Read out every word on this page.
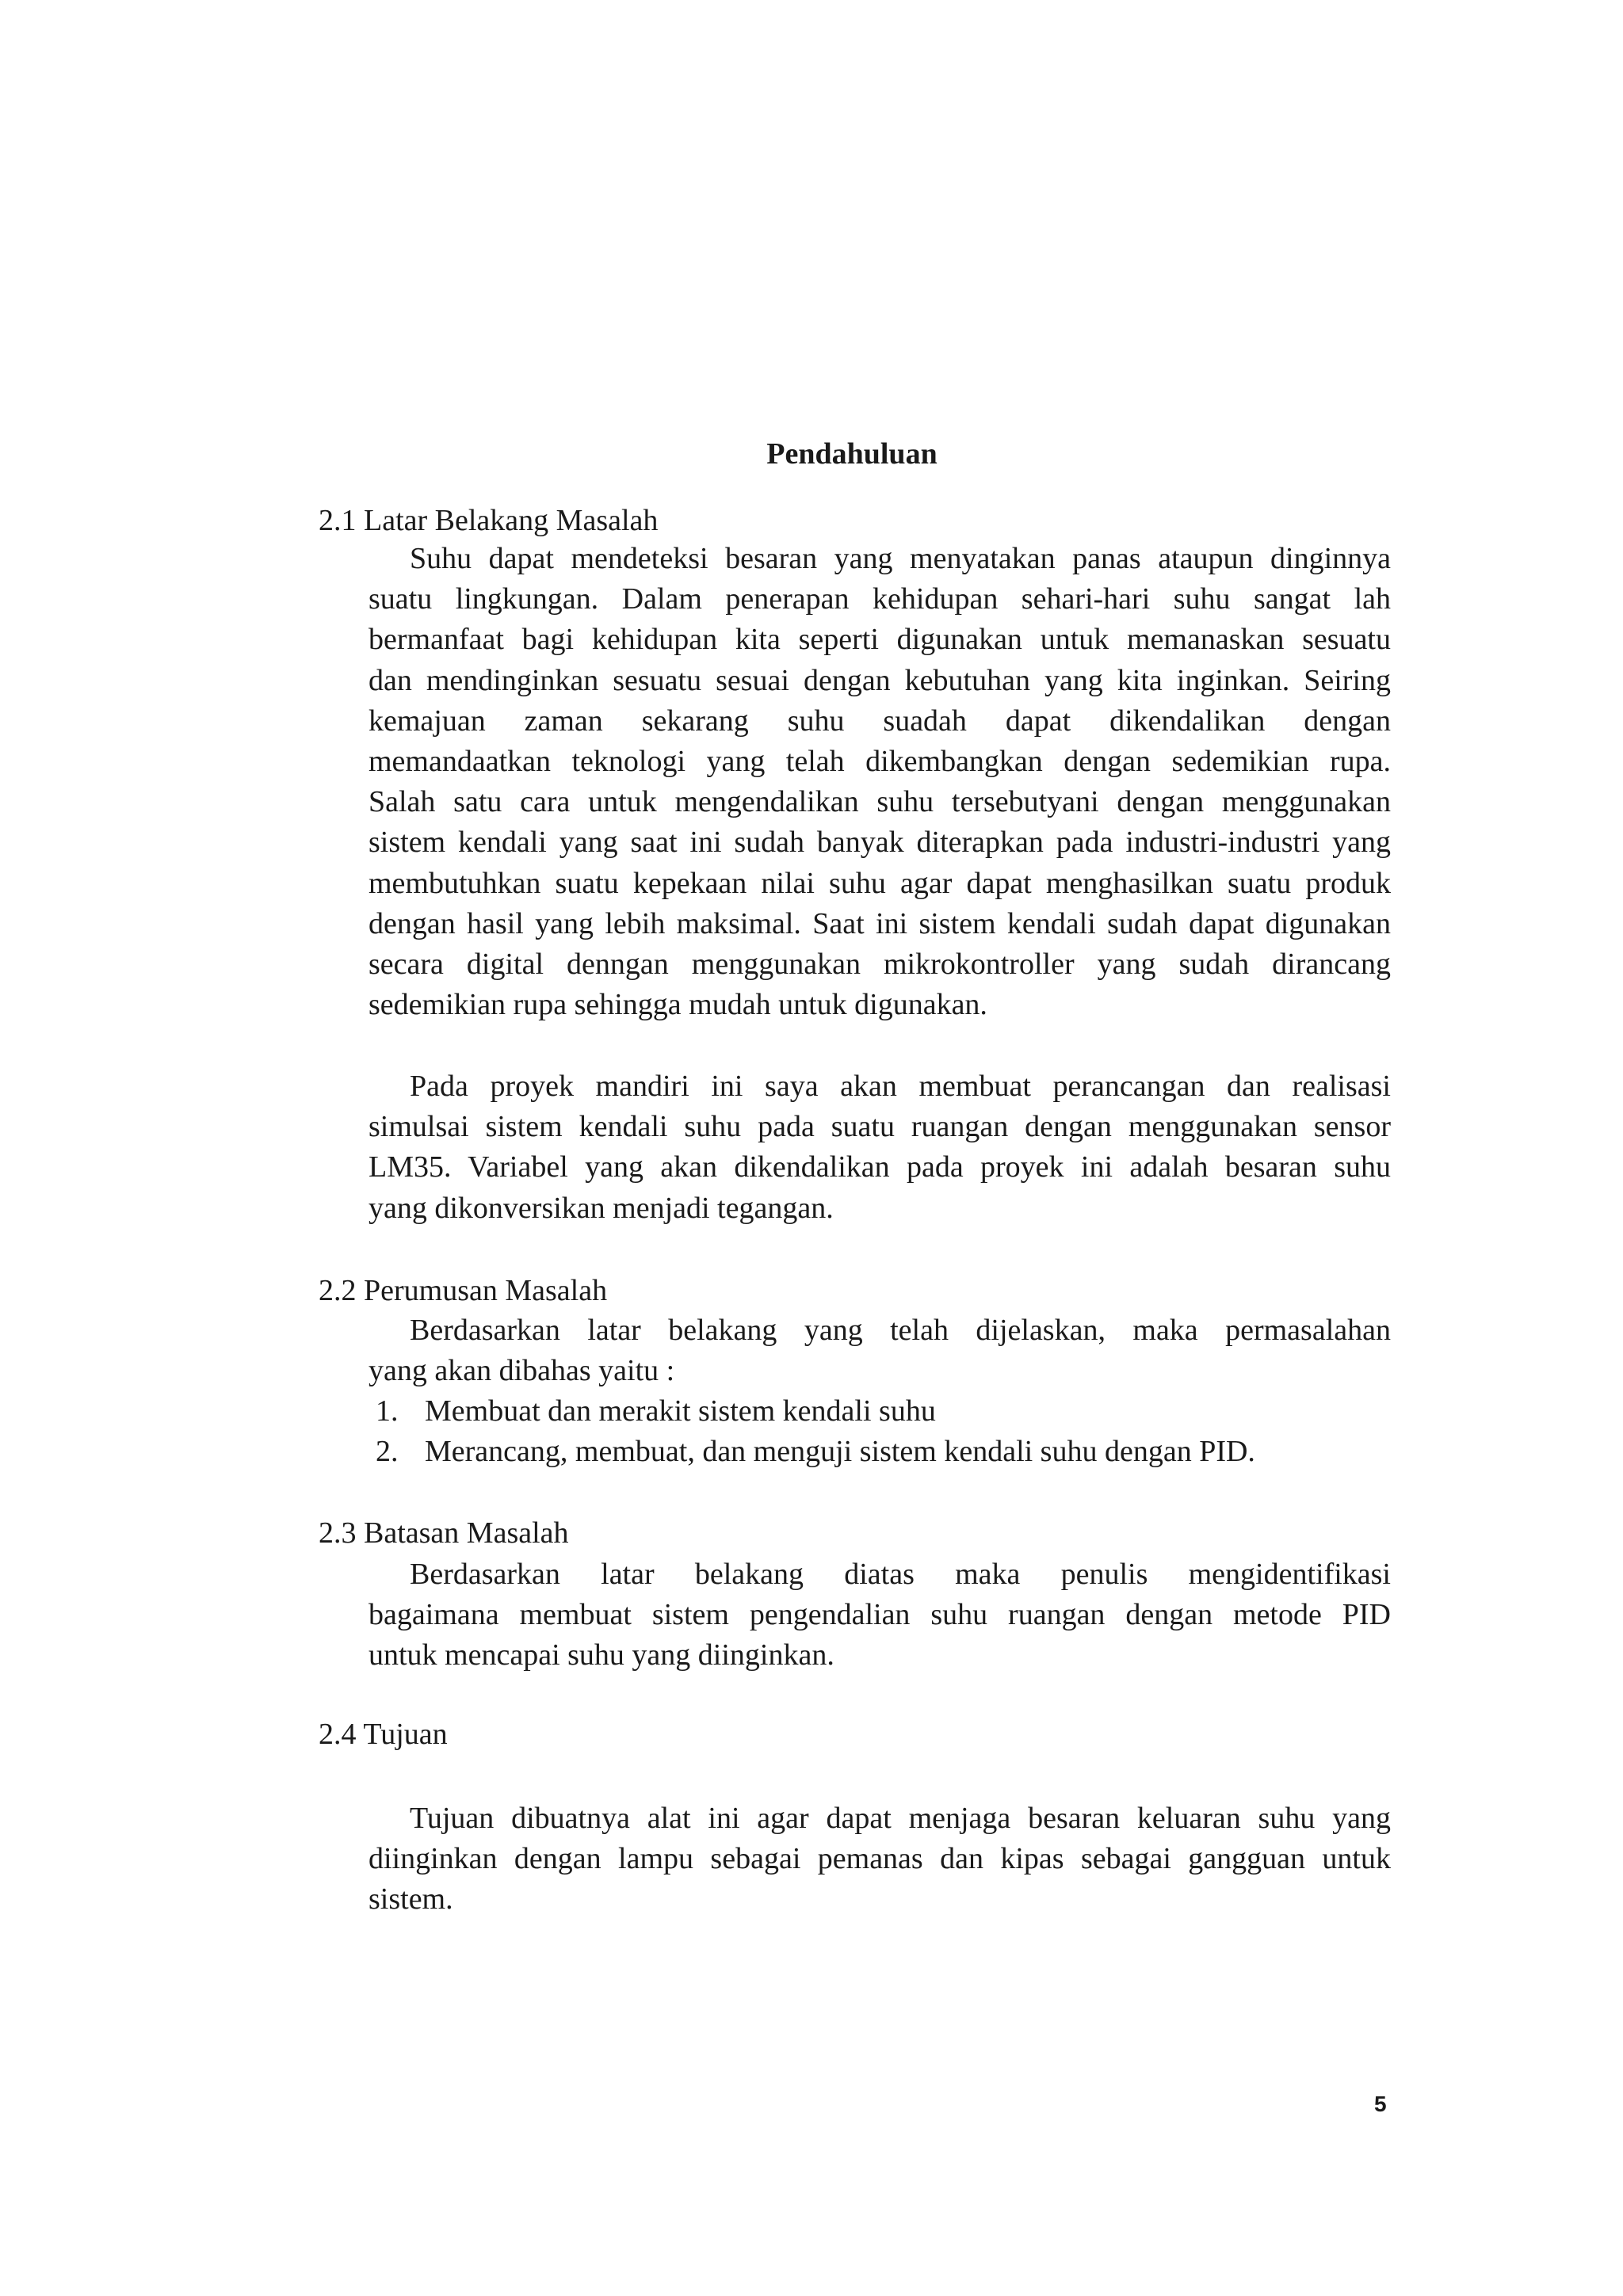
Pendahuluan
2.1 Latar Belakang Masalah
Suhu dapat mendeteksi besaran yang menyatakan panas ataupun dinginnya
suatu lingkungan. Dalam penerapan kehidupan sehari-hari suhu sangat lah
bermanfaat bagi kehidupan kita seperti digunakan untuk memanaskan sesuatu
dan mendinginkan sesuatu sesuai dengan kebutuhan yang kita inginkan. Seiring
kemajuan zaman sekarang suhu suadah dapat dikendalikan dengan
memandaatkan teknologi yang telah dikembangkan dengan sedemikian rupa.
Salah satu cara untuk mengendalikan suhu tersebutyani dengan menggunakan
sistem kendali yang saat ini sudah banyak diterapkan pada industri-industri yang
membutuhkan suatu kepekaan nilai suhu agar dapat menghasilkan suatu produk
dengan hasil yang lebih maksimal. Saat ini sistem kendali sudah dapat digunakan
secara digital denngan menggunakan mikrokontroller yang sudah dirancang
sedemikian rupa sehingga mudah untuk digunakan.
Pada proyek mandiri ini saya akan membuat perancangan dan realisasi
simulsai sistem kendali suhu pada suatu ruangan dengan menggunakan sensor
LM35. Variabel yang akan dikendalikan pada proyek ini adalah besaran suhu
yang dikonversikan menjadi tegangan.
2.2 Perumusan Masalah
Berdasarkan latar belakang yang telah dijelaskan, maka permasalahan
yang akan dibahas yaitu :
1. Membuat dan merakit sistem kendali suhu
2. Merancang, membuat, dan menguji sistem kendali suhu dengan PID.
2.3 Batasan Masalah
Berdasarkan latar belakang diatas maka penulis mengidentifikasi
bagaimana membuat sistem pengendalian suhu ruangan dengan metode PID
untuk mencapai suhu yang diinginkan.
2.4 Tujuan
Tujuan dibuatnya alat ini agar dapat menjaga besaran keluaran suhu yang
diinginkan dengan lampu sebagai pemanas dan kipas sebagai gangguan untuk
sistem.
5
